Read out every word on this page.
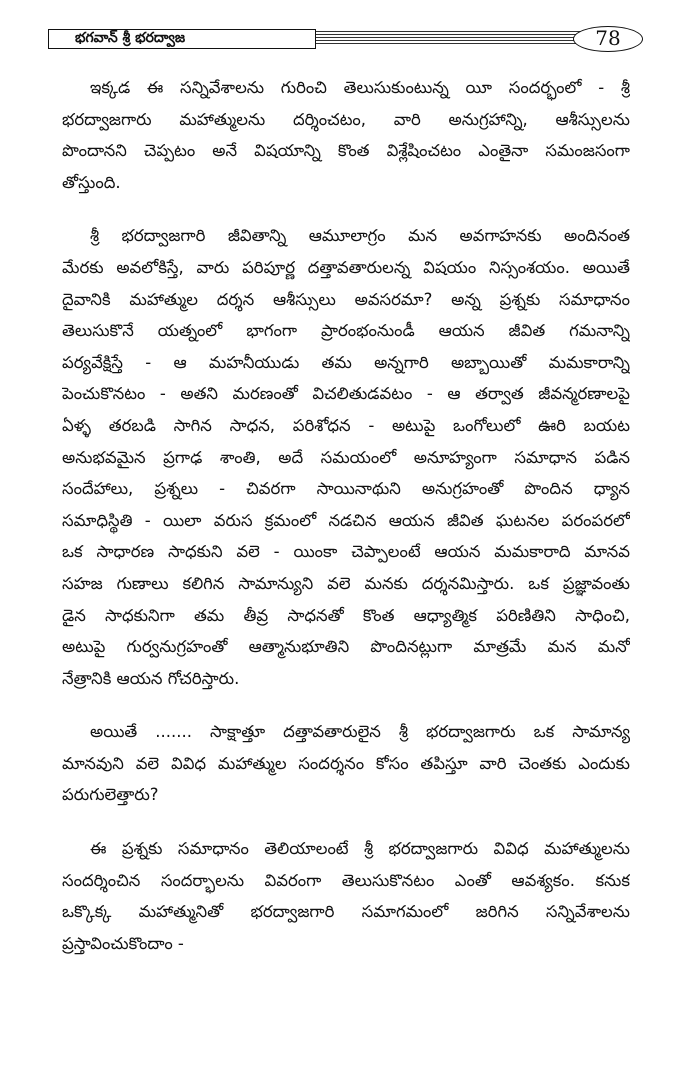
భగవాన్ శ్రీ భరద్వాజ	78
ఇక్కడ ఈ సన్నివేశాలను గురించి తెలుసుకుంటున్న యీ సందర్భంలో - శ్రీ
భరద్వాజగారు మహాత్ములను దర్శించటం, వారి అనుగ్రహాన్ని, ఆశీస్సులను
పొందానని చెప్పటం అనే విషయాన్ని కొంత విశ్లేషించటం ఎంతైనా సమంజసంగా
తోస్తుంది.
శ్రీ భరద్వాజగారి జీవితాన్ని ఆమూలాగ్రం మన అవగాహనకు అందినంత
మేరకు అవలోకిస్తే, వారు పరిపూర్ణ దత్తావతారులన్న విషయం నిస్సంశయం. అయితే
దైవానికి మహాత్ముల దర్శన ఆశీస్సులు అవసరమా? అన్న ప్రశ్నకు సమాధానం
తెలుసుకొనే యత్నంలో భాగంగా ప్రారంభంనుండీ ఆయన జీవిత గమనాన్ని
పర్యవేక్షిస్తే - ఆ మహనీయుడు తమ అన్నగారి అబ్బాయితో మమకారాన్ని
పెంచుకొనటం - అతని మరణంతో విచలితుడవటం - ఆ తర్వాత జీవన్మరణాలపై
ఏళ్ళ తరబడి సాగిన సాధన, పరిశోధన - అటుపై ఒంగోలులో ఊరి బయట
అనుభవమైన ప్రగాఢ శాంతి, అదే సమయంలో అనూహ్యంగా సమాధాన పడిన
సందేహాలు, ప్రశ్నలు - చివరగా సాయినాథుని అనుగ్రహంతో పొందిన ధ్యాన
సమాధిస్థితి - యిలా వరుస క్రమంలో నడచిన ఆయన జీవిత ఘటనల పరంపరలో
ఒక సాధారణ సాధకుని వలె - యింకా చెప్పాలంటే ఆయన మమకారాది మానవ
సహజ గుణాలు కలిగిన సామాన్యుని వలె మనకు దర్శనమిస్తారు. ఒక ప్రజ్ఞావంతు
డైన సాధకునిగా తమ తీవ్ర సాధనతో కొంత ఆధ్యాత్మిక పరిణితిని సాధించి,
అటుపై గుర్వనుగ్రహంతో ఆత్మానుభూతిని పొందినట్లుగా మాత్రమే మన మనో
నేత్రానికి ఆయన గోచరిస్తారు.
అయితే ....... సాక్షాత్తూ దత్తావతారులైన శ్రీ భరద్వాజగారు ఒక సామాన్య
మానవుని వలె వివిధ మహాత్ముల సందర్శనం కోసం తపిస్తూ వారి చెంతకు ఎందుకు
పరుగులెత్తారు?
ఈ ప్రశ్నకు సమాధానం తెలియాలంటే శ్రీ భరద్వాజగారు వివిధ మహాత్ములను
సందర్శించిన సందర్భాలను వివరంగా తెలుసుకొనటం ఎంతో ఆవశ్యకం. కనుక
ఒక్కొక్క మహాత్మునితో భరద్వాజగారి సమాగమంలో జరిగిన సన్నివేశాలను
ప్రస్తావించుకొందాం -
